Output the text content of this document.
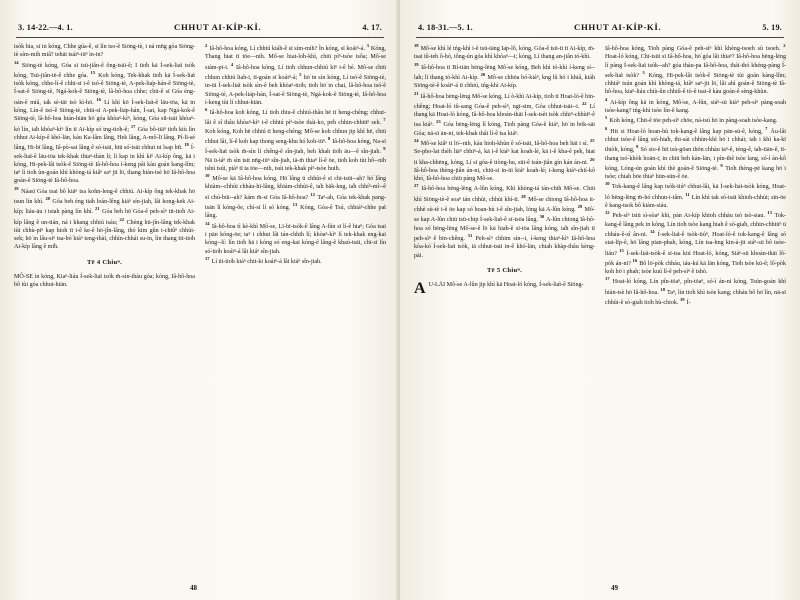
3. 14-22.—4. 1.	CHHUT AI-KÍP-KÌ.	4. 17.

tsòk hia, sī in kóng, Chhe gúa-ê, sī lín tso͘-ê Siōng-tè, i ná mn̄g góa Siōng-tè sím-mih miâ? tehāi tsáiⁿ-iūⁿ ìn-in?

$^{14}$ Siōng-tè kóng, Góa sī tsū-jiân-ê ông-tsāi-ê; I tio̍h kā Í-sek-lia̍t tsòk kóng, Tsū-jiân-tē-ê chhe góa. $^{15}$ Koh kóng, Tek-khak tio̍h kā Í-sek-lia̍t tsòk kóng, chhe-lí-ê chhī-sī i-ê tsó͘-ê Siōng-tè, A-pek-lia̍p-hán-ê Siōng-tè, Í-sat-ê Siōng-tè, Ngá-kok-ê Siōng-tè, lâ-hô-hoa chhe; chit-ê sī Góa éng-oán-ê miâ, ta̍k sè-tāi tsò kì-hō. $^{16}$ Lí khì kō Í-sek-lia̍t-ê lāu-tōa, kā in kóng, Lín-ê tsó͘-ê Siōng-tè, chiū-sī A-pek-lia̍p-hán, Í-sat, kap Ngá-kok-ê Siōng-tè, lâ-hô-hoa hián-hiān hō͘ góa khòaⁿ-kìⁿ, kóng, Góa si̍t-tsāi khòaⁿ-kò͘ lín, ia̍h khòaⁿ-kìⁿ lín tī Ai-kíp só͘ tng-tio̍h-ê; $^{17}$ Góa bô-tiāⁿ tio̍h kiù lín chhut Ai-kíp-ê khó͘-lān, kàu Ka-lâm lâng, Hek lâng, A-mô͘-lī lâng, Pí-lī-sé lâng, Hi-bī lâng, Iâ-pò͘-sai lâng ê só͘-tsāi, hiū só͘-tsāi chhut ni lsap bi̍t. $^{18}$ Í-sek-lia̍t-ê lāu-tōa tek-khak thiaⁿ-thàn lí; lí kap in khì kìⁿ Ai-kíp ông, kā i kóng, Hi-pek-lâi tsòk-ê Siōng-tè Iâ-hô-hoa í-keng pâi kàu goán kang-lím; taⁿ lí tio̍h ùn-goán khì khòng-iá kiâⁿ saⁿ jit lō͘, thang hiàn-tsè hō͘ Iâ-hô-hoa goán-ê Siōng-tè Iâ-hô-hoa.

$^{19}$ Náasī Góa tsai bô kiāⁿ tsa kohn-leng-ê chhiú. Ai-kíp ông tek-khak hō͘ tsun lín khì. $^{20}$ Góa beh éng tia̍h loán-lêng kiáⁿ sín-jiah, lâi kong-kek Ai-kíp; liáu-āu i tsiah pàng lín khì. $^{21}$ Góa beh hō͘ Góa-ê peh-sìⁿ tit-tio̍h Ai-kíp lâng ê un-tián, ná i khang chhiú tsáu; $^{22}$ Chèng hū-jîn-lâng tek-khak tùi chhù-piⁿ kap hioh tī i-ê ke-ê hō͘-jîn-lâng, thó kim gûn i-chiûⁿ chhùi-sek; hō͘ in lâu-siⁿ tsa-bó͘ kiáⁿ teng-thài, chhìn-chhái su-in, lín thang tit-tio̍h Ai-kíp lâng ê mi̍h.

Tē 4 Chiuⁿ.

MÔ͘-SE ìn kóng, Kiaⁿ-liáu Í-sek-lia̍t tsòk m̄-sìn-thàu góa; kóng, Iâ-hô-hoa bô tùi góa chhut-hiān.

$^2$ Iâ-hô-hoa kóng, Lí chhiú kiáh-ê sī sím-mih? Ìn kóng, sī koáiⁿ-á. $^3$ Kóng, Thang hiat tī tōe—nih. Mô͘-se hiat-lo̍h-khì, chiū pìⁿ-tsòe tsôa; Mô͘-se siám-pī-i. $^4$ Iâ-hô-hoa kóng, Lí tio̍h chhun-chhiú kīⁿ i-ê bé. Mô͘-se chiū chhun chhiú liah-i, tī-goán sī koáiⁿ-á; $^5$ hō͘ in sìn kóng, Lí tsó͘-ê Siōng-tè, in-ūi Í-sek-lia̍t tsòk sìn-ê beh khòaⁿ-tio̍h; tio̍h hō͘ in chai, lâ-hô-hoa tsó͘-ê Siōng-tè, A-pek-lia̍p-hán, Í-sat-ê Siōng-tè, Ngá-kok-ê Siōng-tè, Iâ-hô-hoa í-keng tùi lí chhut-hiān.

$^6$ Iâ-hô-hoa koh kóng, Lí tio̍h thiu-ê chhiú-thâu hē tī heng-chêng; chhut-lâi ê sî thâu khòaⁿ-kìⁿ i-ê chhiú pìⁿ-tsòe thái-ko, pe̍h chhin-chhiūⁿ seh. $^7$ Koh kóng, Koh hē chhiú tī heng-chêng; Mô͘-se koh chhun jip khì hē, chiū chhut lâi, lí-ê koh kap thong seng-khu hó koh-iūⁿ. $^8$ Iâ-hô-hoa kóng, Na-sī Í-sek-lia̍t tsòk m̄-sìn lí chêng-ê sîn-jiah, beh khah tio̍h āu—ê sîn-jiah. $^9$ Nā ū-iáⁿ m̄ sìn tsit nn̄g-iūⁿ sîn-jiah, iā-m̄ thiaⁿ lí-ê ōe, tio̍h koh tùi hô--nih tshú tsúi, piàⁿ tī ta tōe—nih, tsúi tek-khak pìⁿ-tsòe huih.

$^{10}$ Mô͘-se kā Iâ-hô-hoa kóng, Hō͘ lâng ū chhùi-ê sī chī-tsūi--ah? hó͘ lâng khiàm--chhùi chhàu-hī-lâng, khiàm-chhùi-ê, ia̍h bāk-kng, ia̍h chhíⁿ-mî--ê sī chú-būi--ah? kám m̄-sī Góa Iâ-hô-hoa? $^{12}$ Taⁿ-ah, Góa tek-khak pang-tsān lí kóng-ôe, chí-sī lí só͘ kóng. $^{13}$ Kóng, Góa-ê Tsú, chhiáⁿ-chhe pa̍t lâng.

$^{14}$ Iâ-hô-hoa tì kè-khì Mô͘-se, Lī-bī-tsòk-ê lâng A-lûn sī lí-ê hiaⁿ; Góa tsai i pān kóng-ōe; taⁿ i chhut lâi tán-chhih lí; khòaⁿ-kìⁿ lí tek-khak eng-kai kóng--lí: lín tio̍h hā i kóng só͘ eng-kai kóng-ê lâng-ê khaú-tsāi, chī-sī lín só͘-tio̍h koáiⁿ-á lâi kiáⁿ sîn-jiah.

$^{17}$ Lí ūi-tio̍h kiáⁿ chit-ki koáiⁿ-á lâi kiáⁿ sîn-jiah.

48
4. 18-31.—5. 1.	CHHUT AI-KÍP-KÌ.	5. 19.

$^{18}$ Mô͘-se khì lé tńg-khì i-ê tsū-tāng Ia̍p-lô, kóng, Góa-ê tsū-tī tī Ai-kíp, m̄-tsai iû-teh ô-hó, iông-ún góa khì khòaⁿ—i; kóng, Lí thang an-jiân tó-khì.

$^{19}$ Iâ-hô-hoa tī Bí-tiān bēng-lēng Mô͘-se kóng, Beh khì tó-khì í-keng sí--lah; lí thang tó-khì Ai-kíp. $^{20}$ Mô͘-se chhōa bó͘-kiáⁿ, kng lû hó͘ i khiâ, kiáh Siōng-tè-ê koáiⁿ-á tī chhiú, tńg-khì Ai-kíp.

$^{21}$ Iâ-hô-hoa bēng-lēng Mô͘-se kóng, Lí ò-khì Ai-kíp, tio̍h tī Hoat-ló-ê bīn-chêng; Hoat-ló tû-sang Góa-ê peh-sìⁿ, ngī-sim, Góa chhut-tsāi--i. $^{22}$ Lí thang kā Hoat-ló kóng, Iâ-hô-hoa khoán-thāi Í-sek-tsèt tsòk chhiⁿ-chhùiⁿ-ê tsa kiáⁿ. $^{23}$ Góa bēng-lēng lí kóng, Tio̍h pàng Góa-ê kiáⁿ, hō͘ in bōk-sāi Góa; nā-sī ān-ni, tek-khak thâi lí-ê tsa kiáⁿ.

$^{24}$ Mô͘-se kiâⁿ ti lō͘--nih, kàu hioh-khùn ê só͘-tsāi, Iâ-hô-hoa beh hāi i sí. $^{25}$ Se-pho-lat thèh liāⁿ chhiⁿ-á, kā i-ê kiáⁿ kat koah-lé, kā i-ê kha-ê pe̍k, hiat ti kha-chhēng, kóng, Lí sī góa-ê tiòng-hu, sūi-ê tsán-jiân gín kán án-ni. $^{26}$ Iâ-hô-hoa thèng-jiân án-ni, chiū-sī in-ūi kiáⁿ koah-lé; i-keng kiáⁿ-chií-kô khó͘, Iâ-hô-hoa chiū pàng Mô͘-se.

$^{27}$ Iâ-hô-hoa bēng-lēng A-lûn kóng, Khì khòng-iá tán-chih Mô͘-se. Chiū khì Siōng-tè-ê soaⁿ tán chhùi, chhùi khì-tī. $^{28}$ Mô͘-se chiong Iâ-hô-hoa it-chhè sù-tè i-ê ōe kap só͘ hoan-hù i-ê sîn-jiah, lóng kā A-lûn kóng. $^{29}$ Mô͘-se kap A-lûn chiū tsū-chip Í-sek-lia̍t-ê sī-tsōa lâng. $^{30}$ A-lûn chiong Iâ-hô-hoa só͘ bēng-lēng Mô͘-se-ê lō͘ kā hia̍h-ê sī-tōa lâng kóng, ia̍h sîn-jiah tī peh-sìⁿ ê bīn-chêng. $^{31}$ Peh-sìⁿ chhim sìn--i, í-keng thiaⁿ-kìⁿ Iâ-hô-hoa kòa-kò͘ Í-sek-lia̍t tsòk, iā chhut-tsāi in-ê khó͘-lān, chiah khàp-thâu kèng-pài.

Tē 5 Chiuⁿ.

A U-LĀI Mô͘-se A-lûn jip khì kā Hoat-ló kóng, Í-sek-lia̍t-ê Siōng-

Iâ-hô-hoa kóng, Tio̍h pàng Góa-ê peh-sìⁿ khì khèng-tsoeh sù tsoeh. $^2$ Hoat-ló kóng, Chī-tsūi sī Iâ-hô-hoa, hō͘ góa lâi thiaⁿ? Iâ-hô-hoa bēng-lēng lí pàng Í-sek-lia̍t tsòk--ah? góa thàu-pa Iâ-hô-hoa, thái-thó khéng-pàng Í-sek-lia̍t tsòk? $^3$ Kóng, Hi-pek-lâi tsòk-ê Siōng-tè tùi goán kàng-lîm; chhiáⁿ tsún goán khì khòng-iá, kiâⁿ saⁿ-jit lō͘, lâi ahì goán-ê Siōng-tè Iâ-hô-hoa, kiaⁿ-liáu chiù-ûn chhiû-ê tò-ê tsai-ê kàu goán-ê sèng-khùn.

$^4$ Ai-kíp ông kā in kóng, Mô͘-se, A-lûn, siáⁿ-sū kiáⁿ peh-sìⁿ pàng-soah tsòe-kang? tńg-khì tsòe lín-ê kang.

$^5$ Koh kóng, Chit-ê tōe peh-sìⁿ chōe, ná-tsú hō͘ in pàng-soah tsòe-kang.

$^6$ Hit si Hoat-ló hoan-hù tok-kang-ê lâng kap pān-sū-ê, kóng, $^7$ Āu-lâi chhut tsòe-ê lâng sió-hia̍h, thi-sái chhùn-khì hō͘ i chhái; ia̍h i khì ka-kī thiòh, kóng, $^8$ Só͘ sio-ê hit tsù-gōan thōn chhàu taⁿ-ê, téng-ê, ia̍h-tiān-ê, tī-thang tsó͘-khòk hoān-i; in chiū beh kàn-lān, i pìn-thê tsòe lang, só͘-í án-kô kóng, Lóng-ún goán khì thè goán-ê Siōng-tè. $^9$ Tio̍h thèng-pē kang hō͘ i tsòe; chiah bōe thiaⁿ hūn-sūn-ê ōe.

$^{10}$ Tok-kang-ê lâng kap tsòk-tiúⁿ chhut-lâi, kā Í-sek-lia̍t-tsòk kóng, Hoat-ló bēng-lēng m̄-hó chhun-i-tâm. $^{11}$ Lín khì tak só͘-tsāi khioh-chhùi; sīn-ōe ê kang-tsok bô kiám-siáu.

$^{12}$ Peh-sìⁿ tsiū sì-sòaⁿ khì, pàn Ai-kíp khioh chhàu tsò tsò-siau. $^{13}$ Tok-kang-ê lâng pek in kóng, Lín tio̍h tsòe kang hiah ê sò͘-gia̍h, chhin-chhiūⁿ ū chháu-ê-sî ân-ni. $^{14}$ Í-sek-lia̍t-ê tsòk-tiúⁿ, Hoat-ló-ê tok-kang-ê lâng só͘ siat-li̍p-ê, hō͘ lâng pian-phah, kóng, Lín tsa-hng kin-á-jit siáⁿ-sū bô tsòe-liáu? $^{15}$ Í-sek-lia̍t-tsòk-ê sī-tsa kiú Hoat-ló, kóng, Siáⁿ-sū khoán-thāi lô͘-pòk án-ni? $^{16}$ Bô lō͘-pòk chháu, iáu-kú kā lān kóng, Tio̍h tsòe kū-ê; lô͘-pòk koh hō͘ i phah; tsòe kuú lí-ê peh-sìⁿ ê tshò.

$^{17}$ Hoat-ló kóng, Lín pîn-tōaⁿ, pîn-tōaⁿ, só͘-í án-ni kóng, Tsún-goán khì hiàn-tsè hō͘ Iâ-hô-hoa. $^{18}$ Taⁿ, lín tio̍h khì tsòe kang; chháu bô hō͘ lín, nā-sī chhùi-ê sò͘-gia̍h tio̍h hù-chiok. $^{19}$ Í-

49
